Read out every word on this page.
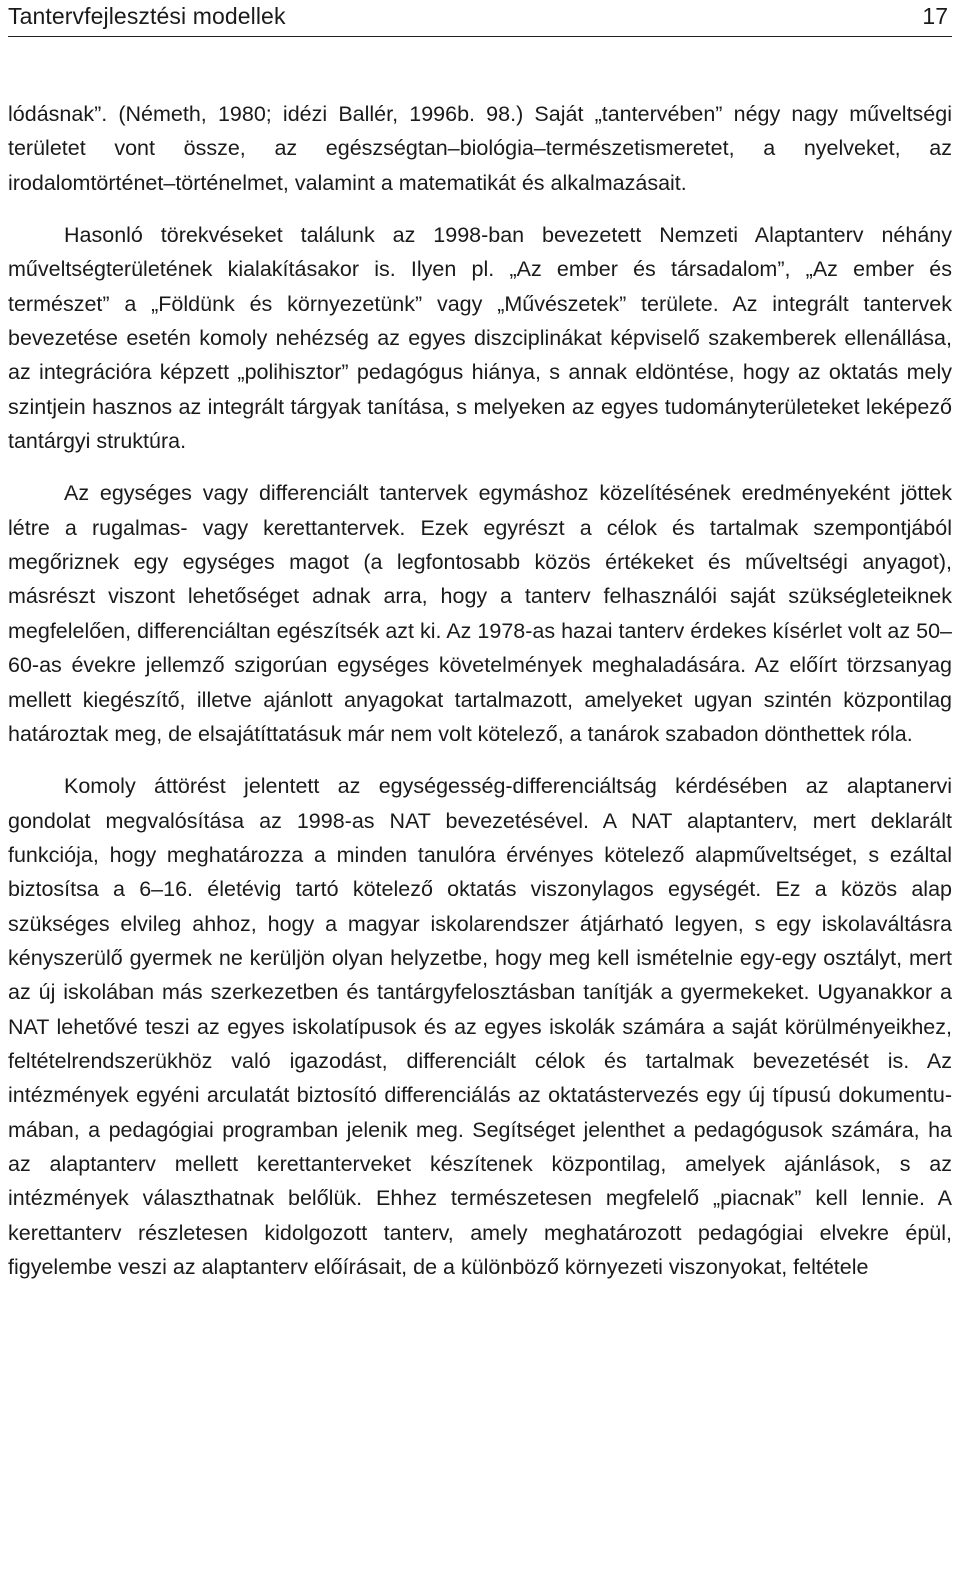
Tantervfejlesztési modellek	17

lódásnak”. (Németh, 1980; idézi Ballér, 1996b. 98.) Saját „tantervében” négy nagy műveltségi területet vont össze, az egészségtan–biológia–természetismeretet, a nyelveket, az irodalomtörténet–történelmet, valamint a matematikát és alkalmazásait.

Hasonló törekvéseket találunk az 1998-ban bevezetett Nemzeti Alaptanterv néhány műveltségterületének kialakításakor is. Ilyen pl. „Az ember és társadalom”, „Az ember és természet” a „Földünk és környezetünk” vagy „Művészetek” területe. Az integrált tantervek bevezetése esetén komoly nehézség az egyes diszciplinákat képviselő szakemberek ellenállása, az integrációra képzett „polihisztor” pedagógus hiánya, s annak eldöntése, hogy az oktatás mely szintjein hasznos az integrált tárgyak tanítása, s melyeken az egyes tudományterületeket leképező tantárgyi struktúra.

Az egységes vagy differenciált tantervek egymáshoz közelítésének eredményeként jöttek létre a rugalmas- vagy kerettantervek. Ezek egyrészt a célok és tartalmak szempontjából megőriznek egy egységes magot (a legfontosabb közös értékeket és műveltségi anyagot), másrészt viszont lehetőséget adnak arra, hogy a tanterv felhasználói saját szükségleteiknek megfelelően, differenciáltan egészítsék azt ki. Az 1978-as hazai tanterv érdekes kísérlet volt az 50–60-as évekre jellemző szigorúan egységes követelmények meghaladására. Az előírt törzsanyag mellett kiegészítő, illetve ajánlott anyagokat tartalmazott, amelyeket ugyan szintén központilag határoztak meg, de elsajátíttatásuk már nem volt kötelező, a tanárok szabadon dönthettek róla.

Komoly áttörést jelentett az egységesség-differenciáltság kérdésében az alaptanervi gondolat megvalósítása az 1998-as NAT bevezetésével. A NAT alaptanterv, mert deklarált funkciója, hogy meghatározza a minden tanulóra érvényes kötelező alapműveltséget, s ezáltal biztosítsa a 6–16. életévig tartó kötelező oktatás viszonylagos egységét. Ez a közös alap szükséges elvileg ahhoz, hogy a magyar iskolarendszer átjárható legyen, s egy iskolaváltásra kényszerülő gyermek ne kerüljön olyan helyzetbe, hogy meg kell ismételnie egy-egy osztályt, mert az új iskolában más szerkezetben és tantárgyfelosztásban tanítják a gyermekeket. Ugyanakkor a NAT lehetővé teszi az egyes iskolatípusok és az egyes iskolák számára a saját körülményeikhez, feltételrendszerükhöz való igazodást, differenciált célok és tartalmak bevezetését is. Az intézmények egyéni arculatát biztosító differenciálás az oktatástervezés egy új típusú dokumentumában, a pedagógiai programban jelenik meg. Segítséget jelenthet a pedagógusok számára, ha az alaptanterv mellett kerettanterveket készítenek központilag, amelyek ajánlások, s az intézmények választhatnak belőlük. Ehhez természetesen megfelelő „piacnak” kell lennie. A kerettanterv részletesen kidolgozott tanterv, amely meghatározott pedagógiai elvekre épül, figyelembe veszi az alaptanterv előírásait, de a különböző környezeti viszonyokat, feltétele
